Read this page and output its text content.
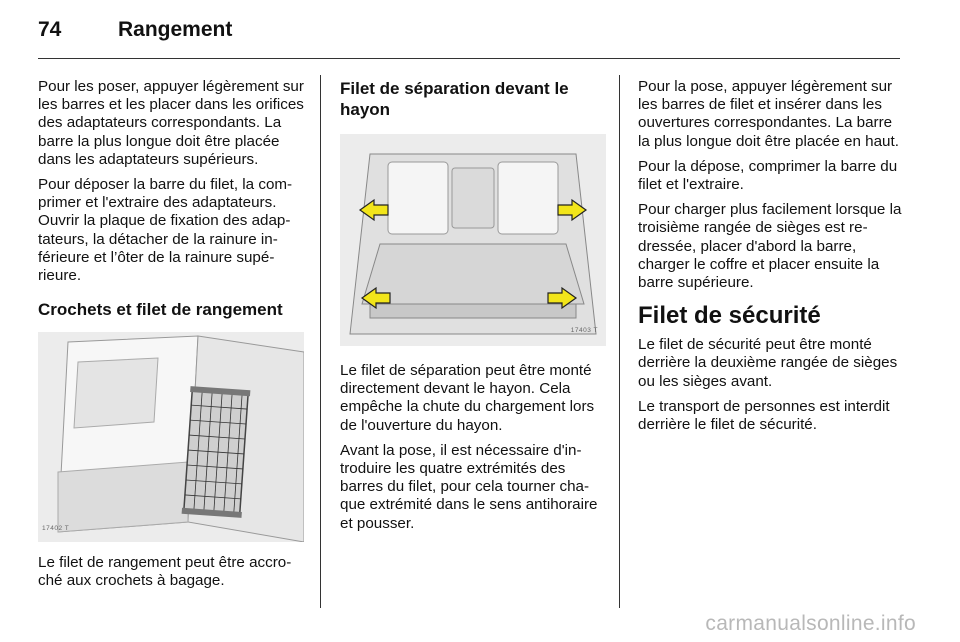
74	Rangement

Pour les poser, appuyer légèrement sur les barres et les placer dans les orifices des adaptateurs correspondants. La barre la plus longue doit être placée dans les adaptateurs supérieurs.

Pour déposer la barre du filet, la comprimer et l'extraire des adaptateurs. Ouvrir la plaque de fixation des adaptateurs, la détacher de la rainure inférieure et l’ôter de la rainure supérieure.

Crochets et filet de rangement
17402 T

Le filet de rangement peut être accroché aux crochets à bagage.

Filet de séparation devant le hayon
17403 T

Le filet de séparation peut être monté directement devant le hayon. Cela empêche la chute du chargement lors de l'ouverture du hayon.

Avant la pose, il est nécessaire d'introduire les quatre extrémités des barres du filet, pour cela tourner chaque extrémité dans le sens antihoraire et pousser.

Pour la pose, appuyer légèrement sur les barres de filet et insérer dans les ouvertures correspondantes. La barre la plus longue doit être placée en haut.

Pour la dépose, comprimer la barre du filet et l'extraire.

Pour charger plus facilement lorsque la troisième rangée de sièges est redressée, placer d'abord la barre, charger le coffre et placer ensuite la barre supérieure.

Filet de sécurité

Le filet de sécurité peut être monté derrière la deuxième rangée de sièges ou les sièges avant.

Le transport de personnes est interdit derrière le filet de sécurité.

carmanualsonline.info
